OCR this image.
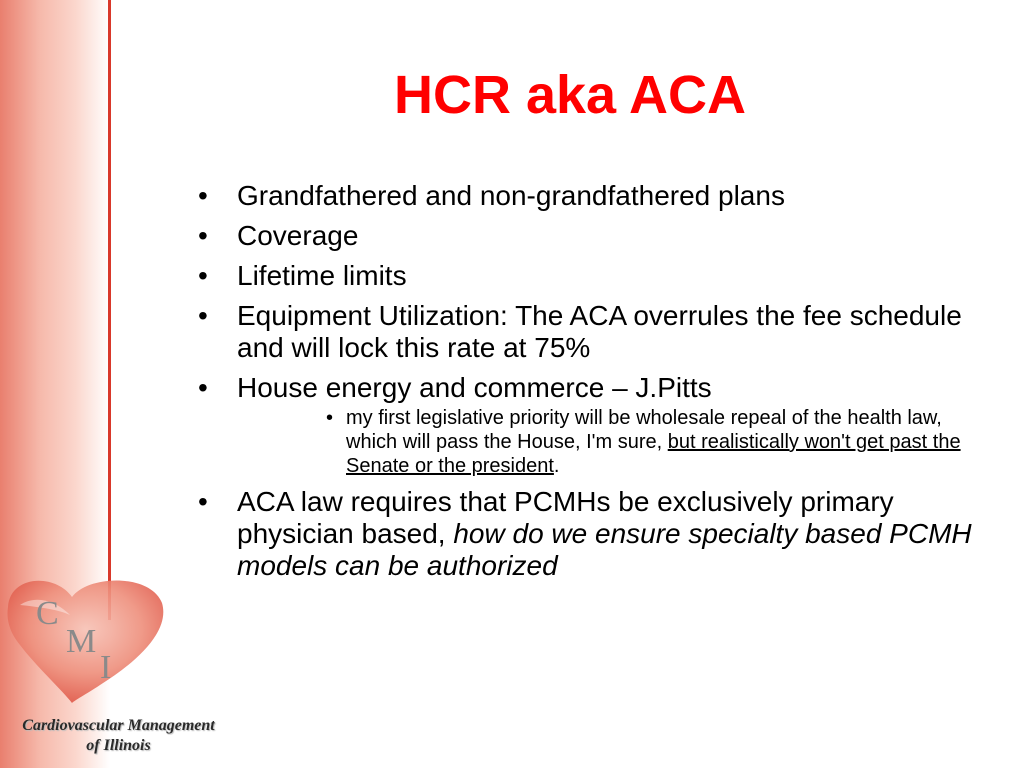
C
M
I
Cardiovascular Management
of Illinois
HCR aka ACA
• Grandfathered and non-grandfathered plans
• Coverage
• Lifetime limits
• Equipment Utilization: The ACA overrules the fee schedule and will lock this rate at 75%
• House energy and commerce – J.Pitts
• my first legislative priority will be wholesale repeal of the health law, which will pass the House, I'm sure, but realistically won't get past the Senate or the president.
• ACA law requires that PCMHs be exclusively primary physician based, how do we ensure specialty based PCMH models can be authorized
